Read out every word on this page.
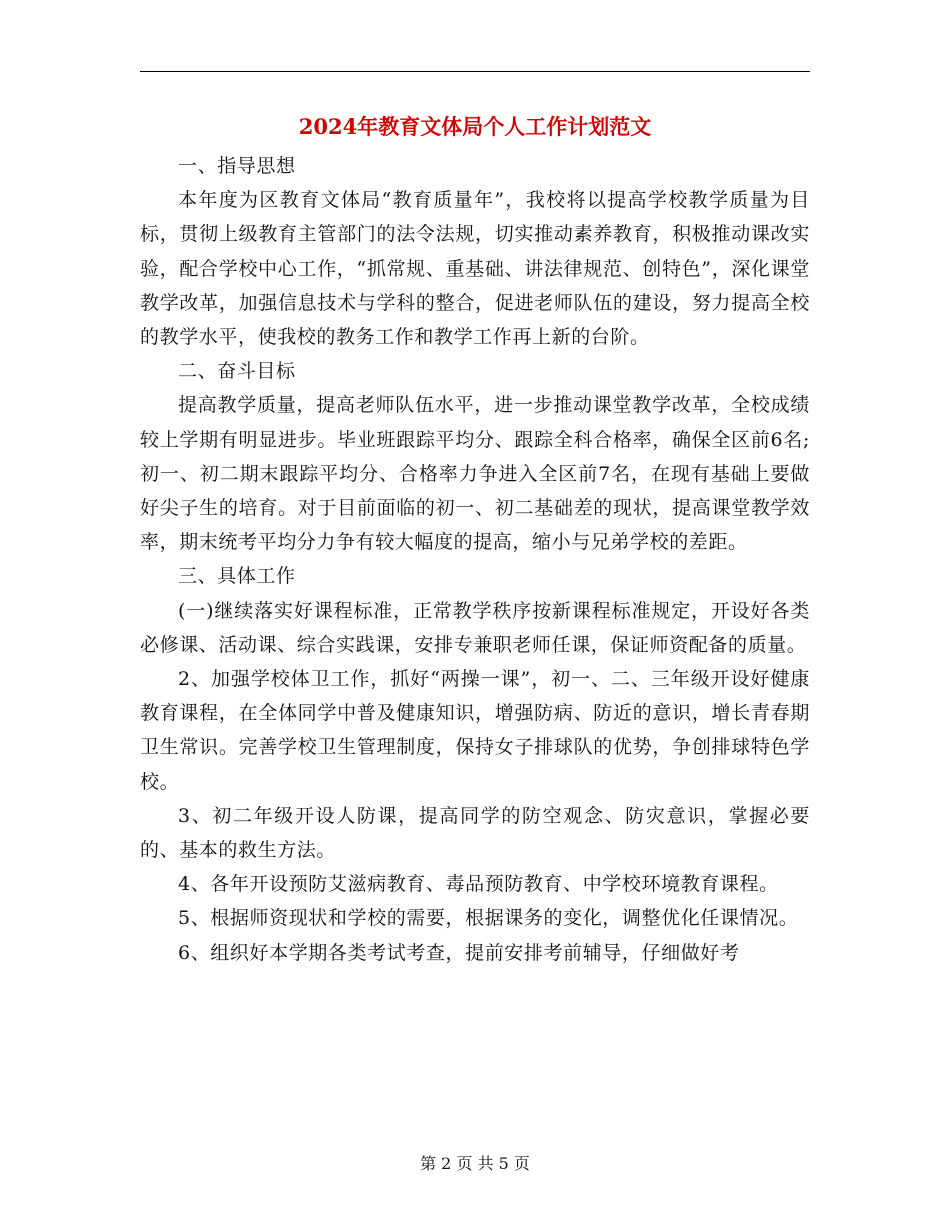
2024年教育文体局个人工作计划范文

一、指导思想

本年度为区教育文体局“教育质量年”，我校将以提高学校教学质量为目标，贯彻上级教育主管部门的法令法规，切实推动素养教育，积极推动课改实验，配合学校中心工作，“抓常规、重基础、讲法律规范、创特色”，深化课堂教学改革，加强信息技术与学科的整合，促进老师队伍的建设，努力提高全校的教学水平，使我校的教务工作和教学工作再上新的台阶。

二、奋斗目标

提高教学质量，提高老师队伍水平，进一步推动课堂教学改革，全校成绩较上学期有明显进步。毕业班跟踪平均分、跟踪全科合格率，确保全区前6名;初一、初二期末跟踪平均分、合格率力争进入全区前7名，在现有基础上要做好尖子生的培育。对于目前面临的初一、初二基础差的现状，提高课堂教学效率，期末统考平均分力争有较大幅度的提高，缩小与兄弟学校的差距。

三、具体工作

(一)继续落实好课程标准，正常教学秩序按新课程标准规定，开设好各类必修课、活动课、综合实践课，安排专兼职老师任课，保证师资配备的质量。

2、加强学校体卫工作，抓好“两操一课”，初一、二、三年级开设好健康教育课程，在全体同学中普及健康知识，增强防病、防近的意识，增长青春期卫生常识。完善学校卫生管理制度，保持女子排球队的优势，争创排球特色学校。

3、初二年级开设人防课，提高同学的防空观念、防灾意识，掌握必要的、基本的救生方法。

4、各年开设预防艾滋病教育、毒品预防教育、中学校环境教育课程。

5、根据师资现状和学校的需要，根据课务的变化，调整优化任课情况。

6、组织好本学期各类考试考查，提前安排考前辅导，仔细做好考

第 2 页 共 5 页
